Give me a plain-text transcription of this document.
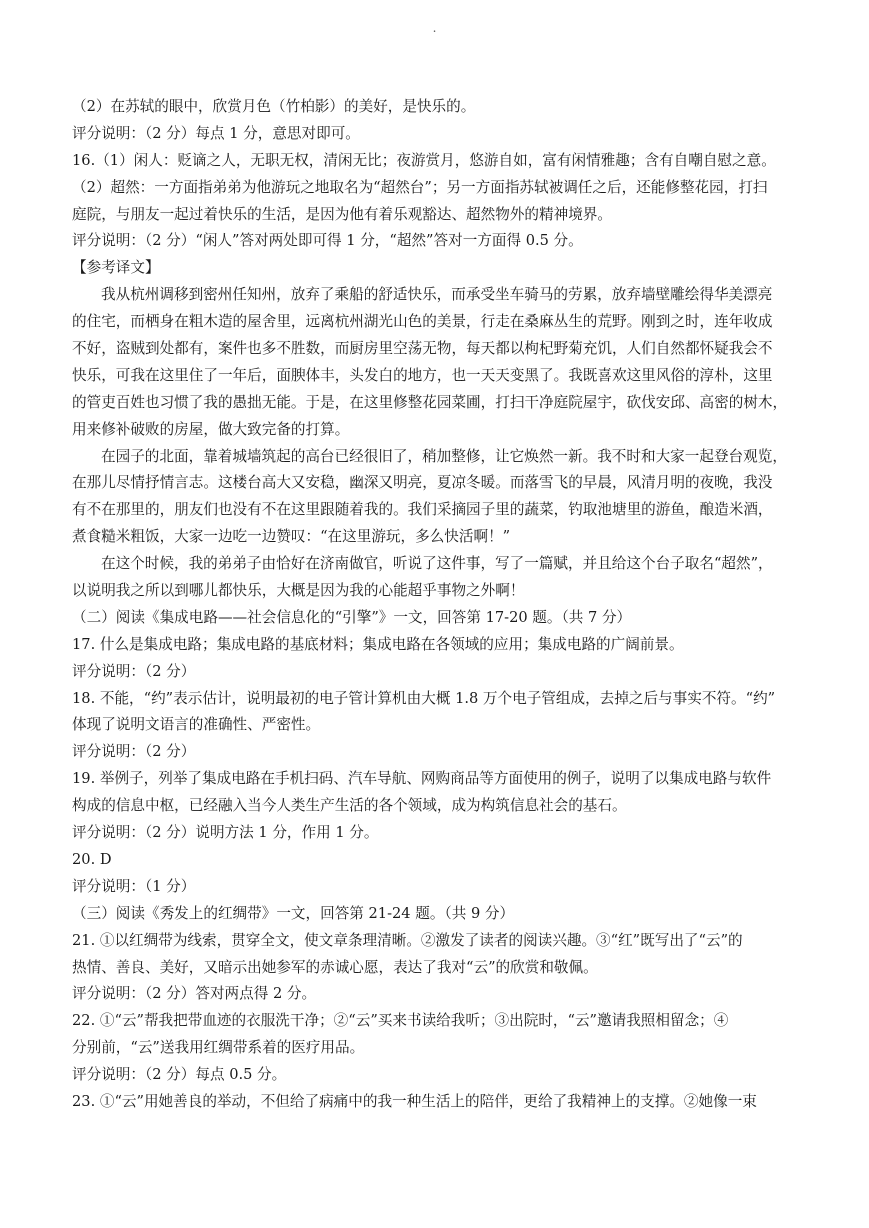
.
（2）在苏轼的眼中，欣赏月色（竹柏影）的美好，是快乐的。
评分说明：（2 分）每点 1 分，意思对即可。
16.（1）闲人：贬谪之人，无职无权，清闲无比；夜游赏月，悠游自如，富有闲情雅趣；含有自嘲自慰之意。
（2）超然：一方面指弟弟为他游玩之地取名为“超然台”；另一方面指苏轼被调任之后，还能修整花园，打扫
庭院，与朋友一起过着快乐的生活，是因为他有着乐观豁达、超然物外的精神境界。
评分说明：（2 分）“闲人”答对两处即可得 1 分，“超然”答对一方面得 0.5 分。
【参考译文】
我从杭州调移到密州任知州，放弃了乘船的舒适快乐，而承受坐车骑马的劳累，放弃墙壁雕绘得华美漂亮
的住宅，而栖身在粗木造的屋舍里，远离杭州湖光山色的美景，行走在桑麻丛生的荒野。刚到之时，连年收成
不好，盗贼到处都有，案件也多不胜数，而厨房里空荡无物，每天都以枸杞野菊充饥，人们自然都怀疑我会不
快乐，可我在这里住了一年后，面腴体丰，头发白的地方，也一天天变黑了。我既喜欢这里风俗的淳朴，这里
的管吏百姓也习惯了我的愚拙无能。于是，在这里修整花园菜圃，打扫干净庭院屋宇，砍伐安邱、高密的树木，
用来修补破败的房屋，做大致完备的打算。
在园子的北面，靠着城墙筑起的高台已经很旧了，稍加整修，让它焕然一新。我不时和大家一起登台观览，
在那儿尽情抒情言志。这楼台高大又安稳，幽深又明亮，夏凉冬暖。而落雪飞的早晨，风清月明的夜晚，我没
有不在那里的，朋友们也没有不在这里跟随着我的。我们采摘园子里的蔬菜，钓取池塘里的游鱼，酿造米酒，
煮食糙米粗饭，大家一边吃一边赞叹：“在这里游玩，多么快活啊！”
在这个时候，我的弟弟子由恰好在济南做官，听说了这件事，写了一篇赋，并且给这个台子取名“超然”，
以说明我之所以到哪儿都快乐，大概是因为我的心能超乎事物之外啊！
（二）阅读《集成电路——社会信息化的“引擎”》一文，回答第 17-20 题。（共 7 分）
17. 什么是集成电路；集成电路的基底材料；集成电路在各领域的应用；集成电路的广阔前景。
评分说明：（2 分）
18. 不能，“约”表示估计，说明最初的电子管计算机由大概 1.8 万个电子管组成，去掉之后与事实不符。“约”
体现了说明文语言的准确性、严密性。
评分说明：（2 分）
19. 举例子，列举了集成电路在手机扫码、汽车导航、网购商品等方面使用的例子，说明了以集成电路与软件
构成的信息中枢，已经融入当今人类生产生活的各个领域，成为构筑信息社会的基石。
评分说明：（2 分）说明方法 1 分，作用 1 分。
20. D
评分说明：（1 分）
（三）阅读《秀发上的红绸带》一文，回答第 21-24 题。（共 9 分）
21. ①以红绸带为线索，贯穿全文，使文章条理清晰。②激发了读者的阅读兴趣。③“红”既写出了“云”的
热情、善良、美好，又暗示出她参军的赤诚心愿，表达了我对“云”的欣赏和敬佩。
评分说明：（2 分）答对两点得 2 分。
22. ①“云”帮我把带血迹的衣服洗干净；②“云”买来书读给我听；③出院时，“云”邀请我照相留念；④
分别前，“云”送我用红绸带系着的医疗用品。
评分说明：（2 分）每点 0.5 分。
23. ①“云”用她善良的举动，不但给了病痛中的我一种生活上的陪伴，更给了我精神上的支撑。②她像一束
